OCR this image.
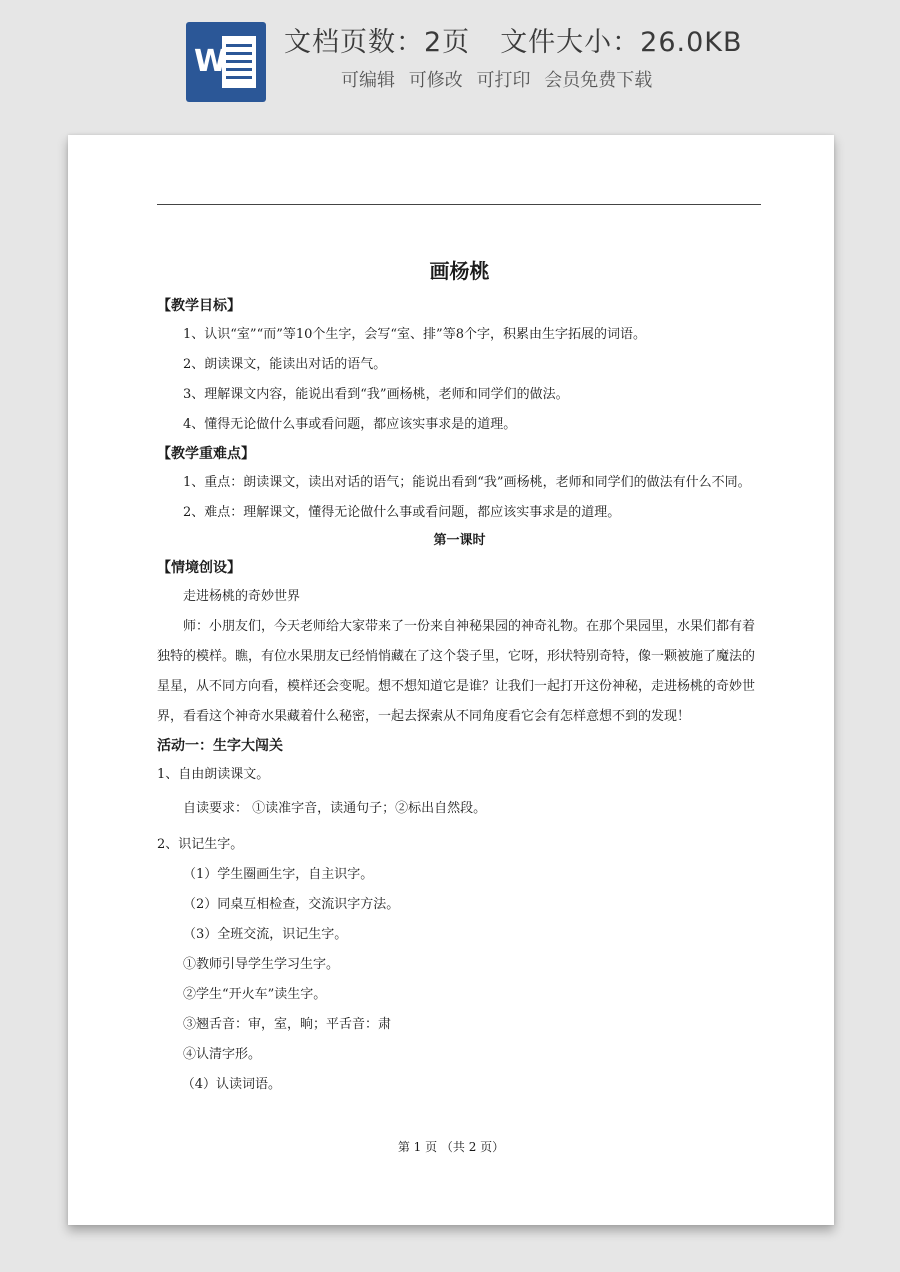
W
文档页数：2页 文件大小：26.0KB
可编辑 可修改 可打印 会员免费下载
画杨桃
【教学目标】

1、认识“室”“而”等10个生字，会写“室、排”等8个字，积累由生字拓展的词语。

2、朗读课文，能读出对话的语气。

3、理解课文内容，能说出看到“我”画杨桃，老师和同学们的做法。

4、懂得无论做什么事或看问题，都应该实事求是的道理。

【教学重难点】

1、重点：朗读课文，读出对话的语气；能说出看到“我”画杨桃，老师和同学们的做法有什么不同。

2、难点：理解课文，懂得无论做什么事或看问题，都应该实事求是的道理。

第一课时
【情境创设】

走进杨桃的奇妙世界

师：小朋友们，今天老师给大家带来了一份来自神秘果园的神奇礼物。在那个果园里，水果们都有着独特的模样。瞧，有位水果朋友已经悄悄藏在了这个袋子里，它呀，形状特别奇特，像一颗被施了魔法的星星，从不同方向看，模样还会变呢。想不想知道它是谁？让我们一起打开这份神秘，走进杨桃的奇妙世界，看看这个神奇水果藏着什么秘密，一起去探索从不同角度看它会有怎样意想不到的发现！

活动一：生字大闯关

1、自由朗读课文。

自读要求： ①读准字音，读通句子；②标出自然段。

2、识记生字。

（1）学生圈画生字，自主识字。

（2）同桌互相检查，交流识字方法。

（3）全班交流，识记生字。

①教师引导学生学习生字。

②学生“开火车”读生字。

③翘舌音：审，室，晌；平舌音：肃

④认清字形。

（4）认读词语。

第 1 页 （共 2 页）
